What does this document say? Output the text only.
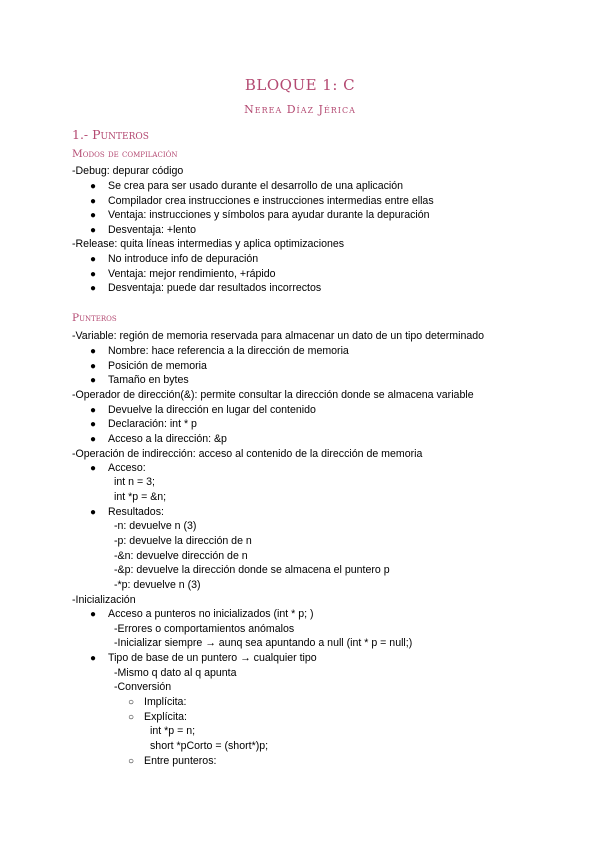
BLOQUE 1: C
Nerea Díaz Jérica
1.- Punteros
Modos de compilación
-Debug: depurar código
● Se crea para ser usado durante el desarrollo de una aplicación
● Compilador crea instrucciones e instrucciones intermedias entre ellas
● Ventaja: instrucciones y símbolos para ayudar durante la depuración
● Desventaja: +lento
-Release: quita líneas intermedias y aplica optimizaciones
● No introduce info de depuración
● Ventaja: mejor rendimiento, +rápido
● Desventaja: puede dar resultados incorrectos
Punteros
-Variable: región de memoria reservada para almacenar un dato de un tipo determinado
● Nombre: hace referencia a la dirección de memoria
● Posición de memoria
● Tamaño en bytes
-Operador de dirección(&): permite consultar la dirección donde se almacena variable
● Devuelve la dirección en lugar del contenido
● Declaración: int * p
● Acceso a la dirección: &p
-Operación de indirección: acceso al contenido de la dirección de memoria
● Acceso:
int n = 3;
int *p = &n;
● Resultados:
-n: devuelve n (3)
-p: devuelve la dirección de n
-&n: devuelve dirección de n
-&p: devuelve la dirección donde se almacena el puntero p
-*p: devuelve n (3)
-Inicialización
● Acceso a punteros no inicializados (int * p; )
-Errores o comportamientos anómalos
-Inicializar siempre → aunq sea apuntando a null (int * p = null;)
● Tipo de base de un puntero → cualquier tipo
-Mismo q dato al q apunta
-Conversión
○ Implícita:
○ Explícita:
int *p = n;
short *pCorto = (short*)p;
○ Entre punteros:
